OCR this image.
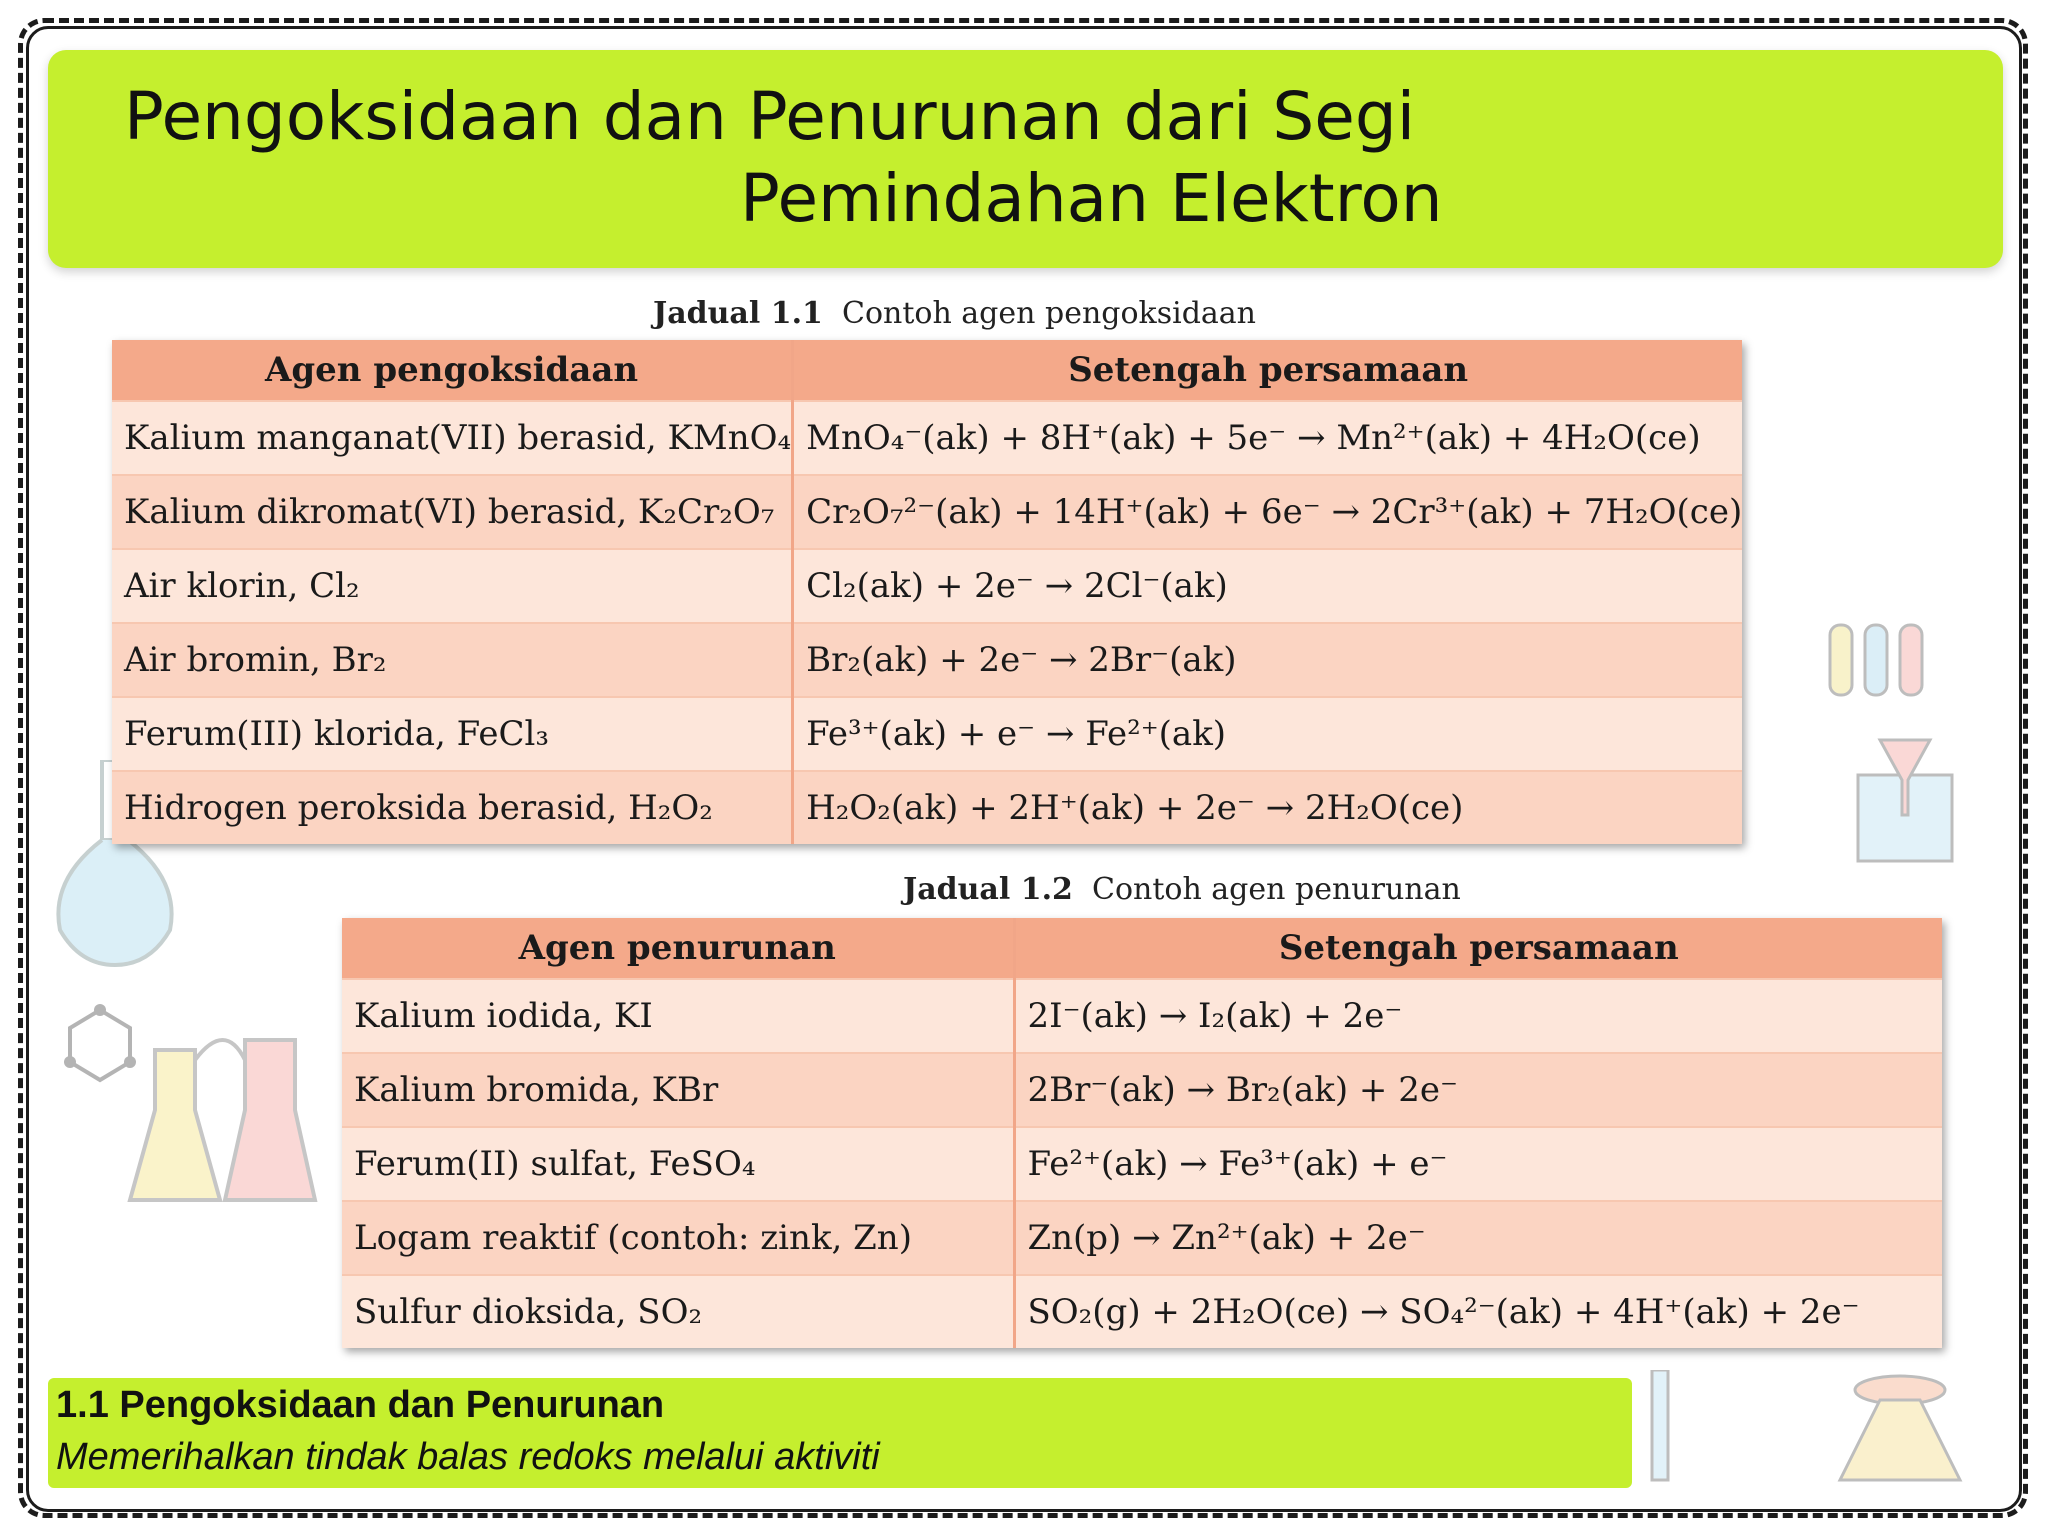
Pengoksidaan dan Penurunan dari Segi
Pemindahan Elektron
Jadual 1.1 Contoh agen pengoksidaan
Agen pengoksidaan	Setengah persamaan
Kalium manganat(VII) berasid, KMnO₄	MnO₄⁻(ak) + 8H⁺(ak) + 5e⁻ → Mn²⁺(ak) + 4H₂O(ce)
Kalium dikromat(VI) berasid, K₂Cr₂O₇	Cr₂O₇²⁻(ak) + 14H⁺(ak) + 6e⁻ → 2Cr³⁺(ak) + 7H₂O(ce)
Air klorin, Cl₂	Cl₂(ak) + 2e⁻ → 2Cl⁻(ak)
Air bromin, Br₂	Br₂(ak) + 2e⁻ → 2Br⁻(ak)
Ferum(III) klorida, FeCl₃	Fe³⁺(ak) + e⁻ → Fe²⁺(ak)
Hidrogen peroksida berasid, H₂O₂	H₂O₂(ak) + 2H⁺(ak) + 2e⁻ → 2H₂O(ce)
Jadual 1.2 Contoh agen penurunan
Agen penurunan	Setengah persamaan
Kalium iodida, KI	2I⁻(ak) → I₂(ak) + 2e⁻
Kalium bromida, KBr	2Br⁻(ak) → Br₂(ak) + 2e⁻
Ferum(II) sulfat, FeSO₄	Fe²⁺(ak) → Fe³⁺(ak) + e⁻
Logam reaktif (contoh: zink, Zn)	Zn(p) → Zn²⁺(ak) + 2e⁻
Sulfur dioksida, SO₂	SO₂(g) + 2H₂O(ce) → SO₄²⁻(ak) + 4H⁺(ak) + 2e⁻
1.1 Pengoksidaan dan Penurunan
Memerihalkan tindak balas redoks melalui aktiviti
